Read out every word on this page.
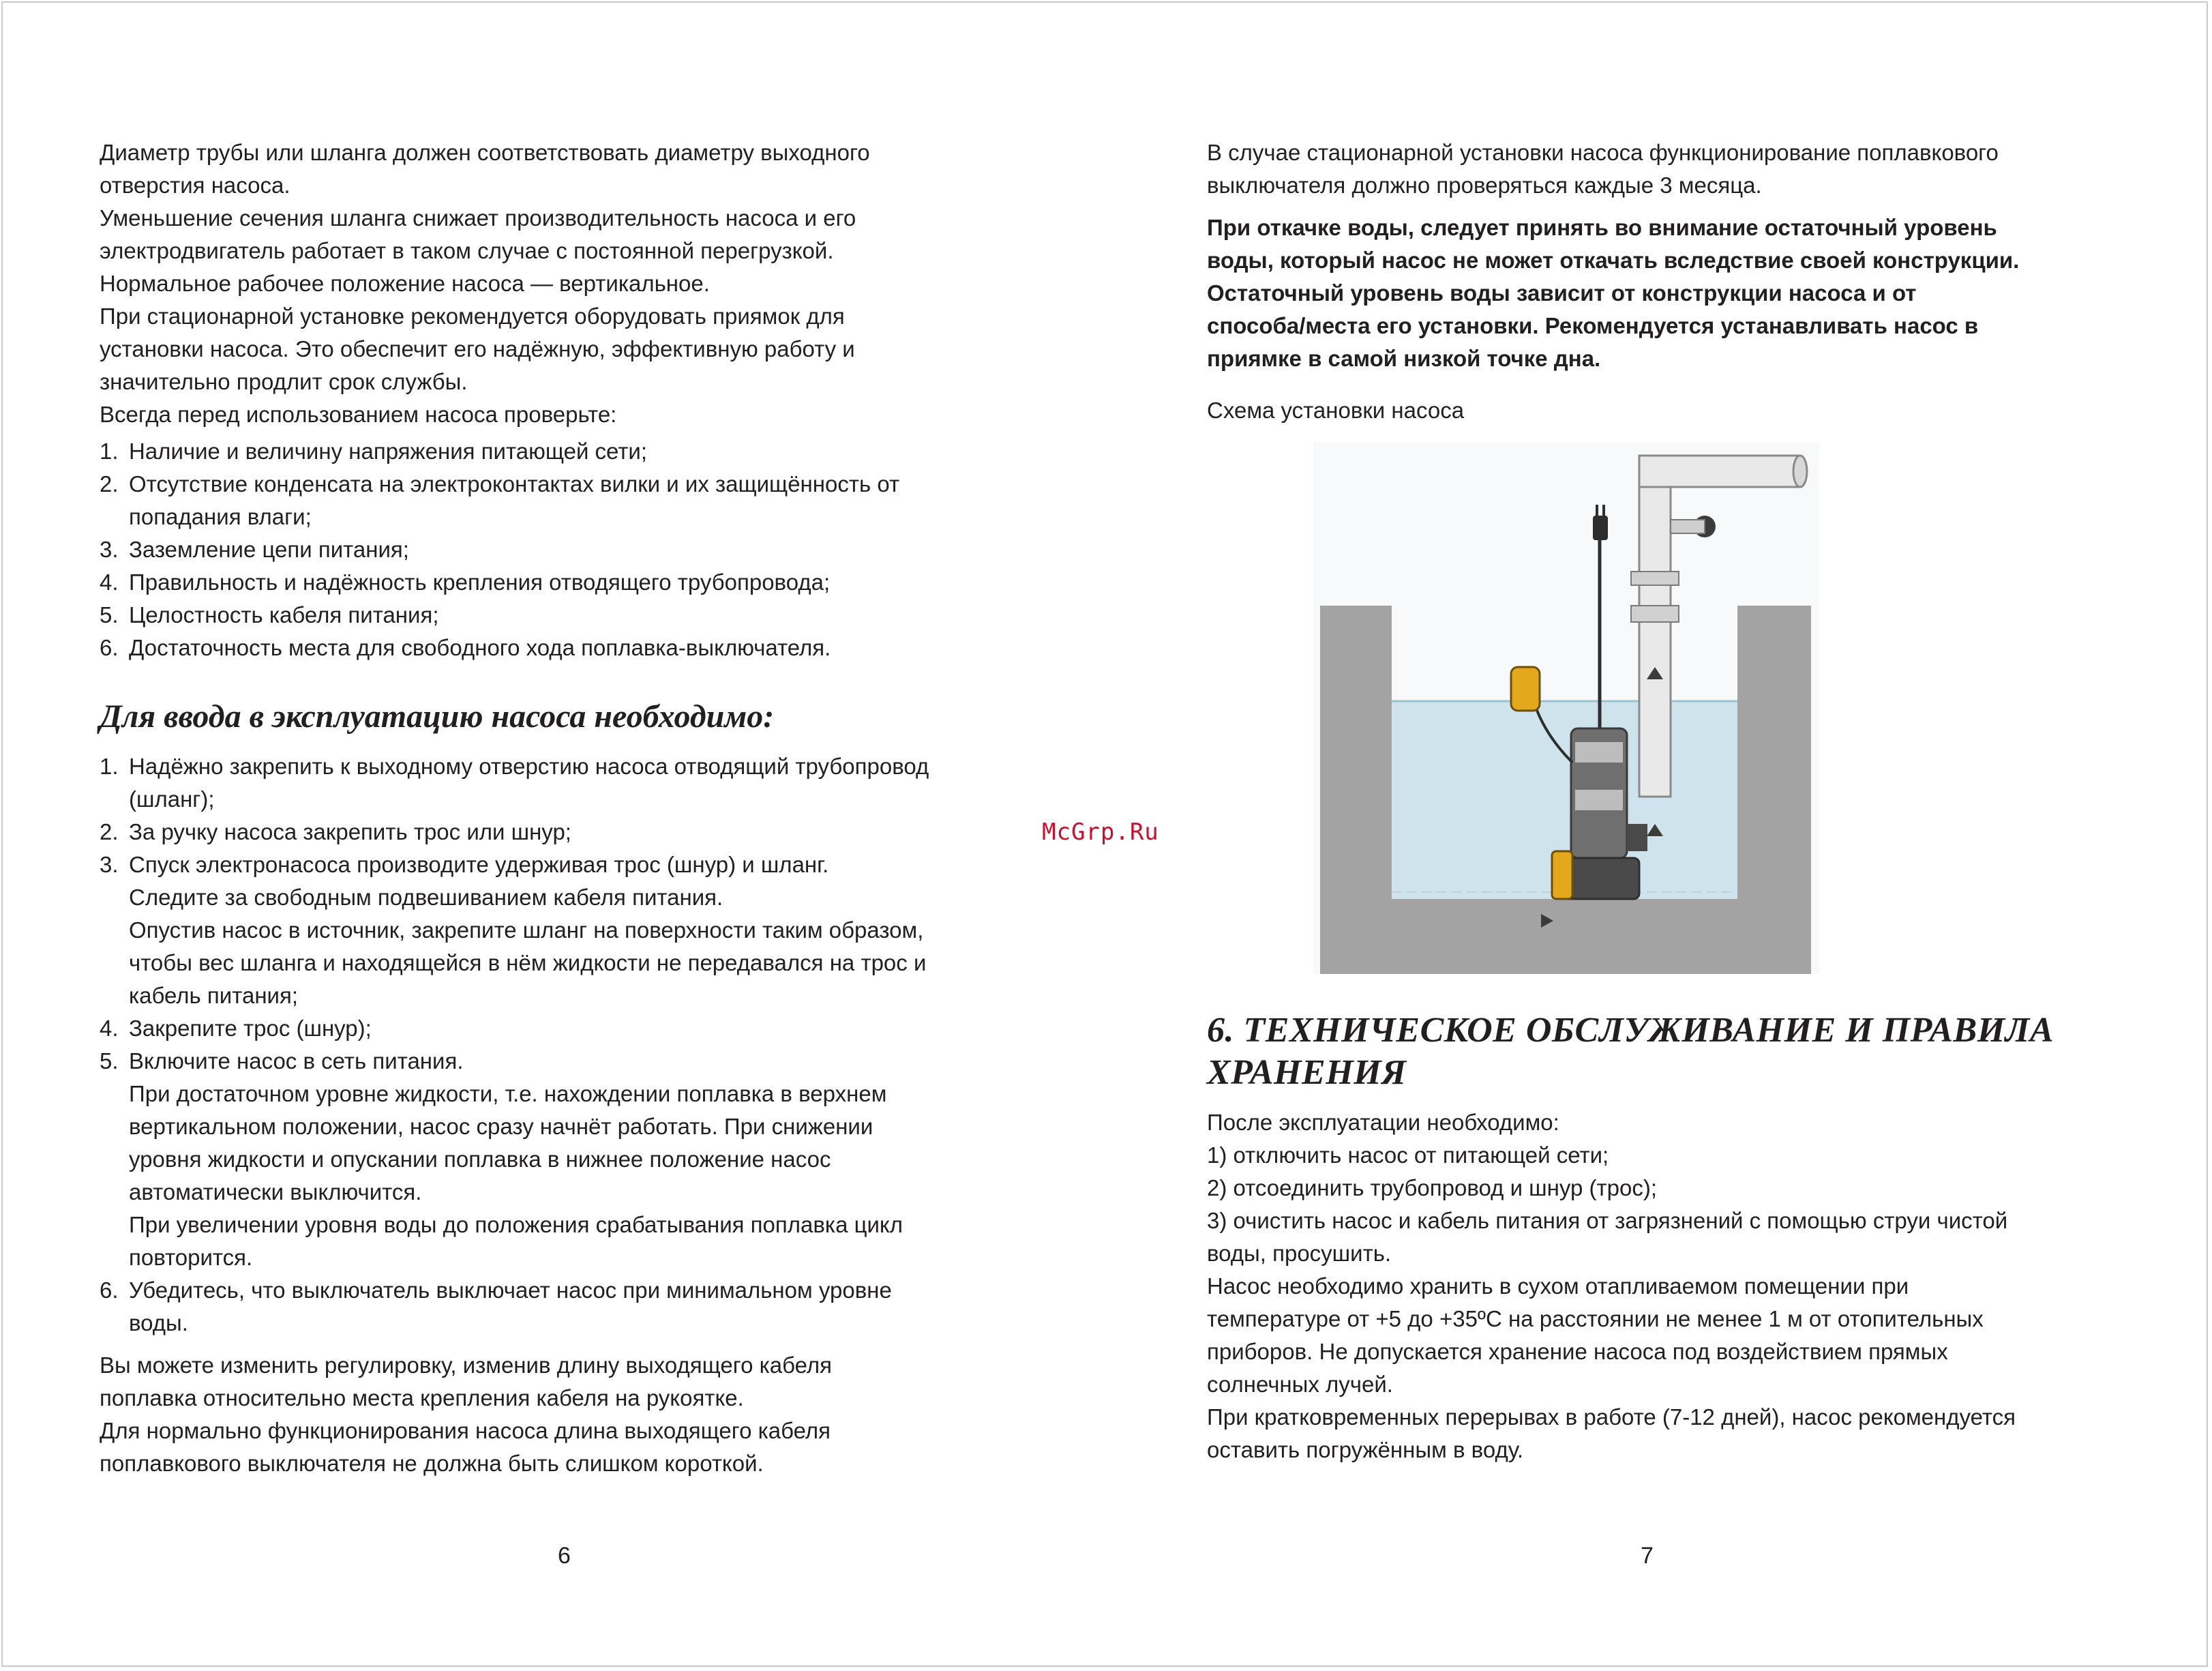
Диаметр трубы или шланга должен соответствовать диаметру выходного

отверстия насоса.

Уменьшение сечения шланга снижает производительность насоса и его

электродвигатель работает в таком случае с постоянной перегрузкой.

Нормальное рабочее положение насоса — вертикальное.

При стационарной установке рекомендуется оборудовать приямок для

установки насоса. Это обеспечит его надёжную, эффективную работу и

значительно продлит срок службы.

Всегда перед использованием насоса проверьте:

1. Наличие и величину напряжения питающей сети;
2. Отсутствие конденсата на электроконтактах вилки и их защищённость от
попадания влаги;
3. Заземление цепи питания;
4. Правильность и надёжность крепления отводящего трубопровода;
5. Целостность кабеля питания;
6. Достаточность места для свободного хода поплавка-выключателя.
Для ввода в эксплуатацию насоса необходимо:
1. Надёжно закрепить к выходному отверстию насоса отводящий трубопровод
(шланг);
2. За ручку насоса закрепить трос или шнур;
3. Спуск электронасоса производите удерживая трос (шнур) и шланг.
Следите за свободным подвешиванием кабеля питания.
Опустив насос в источник, закрепите шланг на поверхности таким образом,
чтобы вес шланга и находящейся в нём жидкости не передавался на трос и
кабель питания;
4. Закрепите трос (шнур);
5. Включите насос в сеть питания.
При достаточном уровне жидкости, т.е. нахождении поплавка в верхнем
вертикальном положении, насос сразу начнёт работать. При снижении
уровня жидкости и опускании поплавка в нижнее положение насос
автоматически выключится.
При увеличении уровня воды до положения срабатывания поплавка цикл
повторится.
6. Убедитесь, что выключатель выключает насос при минимальном уровне
воды.

Вы можете изменить регулировку, изменив длину выходящего кабеля

поплавка относительно места крепления кабеля на рукоятке.

Для нормально функционирования насоса длина выходящего кабеля

поплавкового выключателя не должна быть слишком короткой.

6
McGrp.Ru

В случае стационарной установки насоса функционирование поплавкового

выключателя должно проверяться каждые 3 месяца.

При откачке воды, следует принять во внимание остаточный уровень

воды, который насос не может откачать вследствие своей конструкции.

Остаточный уровень воды зависит от конструкции насоса и от

способа/места его установки. Рекомендуется устанавливать насос в

приямке в самой низкой точке дна.

Схема установки насоса

6. ТЕХНИЧЕСКОЕ ОБСЛУЖИВАНИЕ И ПРАВИЛА
ХРАНЕНИЯ

После эксплуатации необходимо:

1) отключить насос от питающей сети;

2) отсоединить трубопровод и шнур (трос);

3) очистить насос и кабель питания от загрязнений с помощью струи чистой

воды, просушить.

Насос необходимо хранить в сухом отапливаемом помещении при

температуре от +5 до +35ºС на расстоянии не менее 1 м от отопительных

приборов. Не допускается хранение насоса под воздействием прямых

солнечных лучей.

При кратковременных перерывах в работе (7-12 дней), насос рекомендуется

оставить погружённым в воду.

7
